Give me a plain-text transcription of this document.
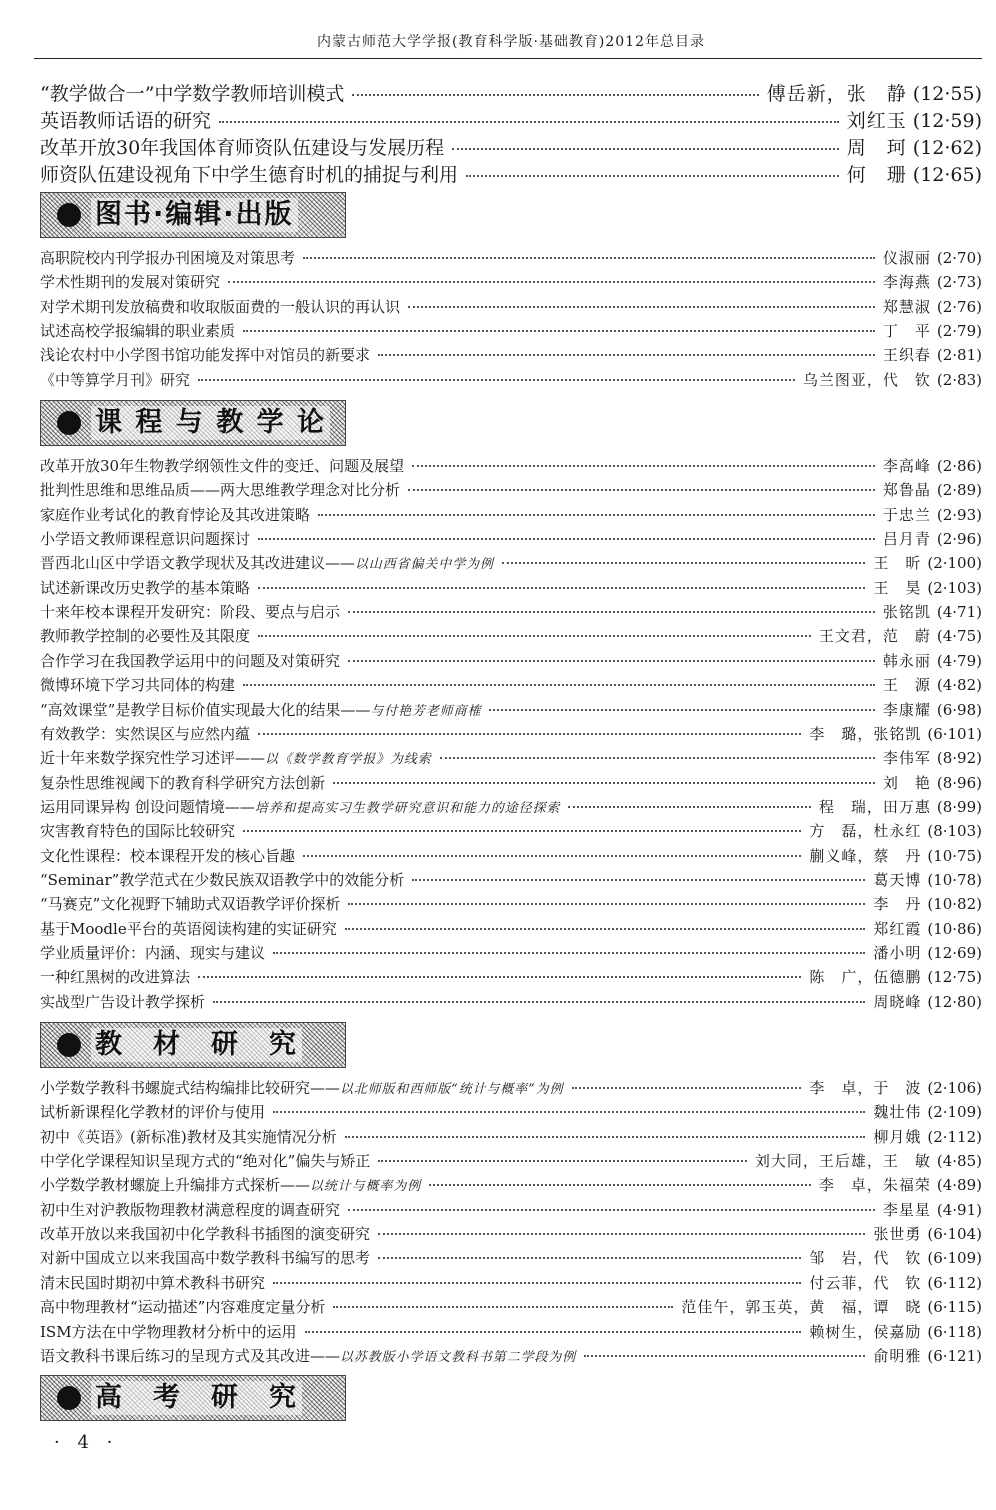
内蒙古师范大学学报(教育科学版·基础教育)2012年总目录
“教学做合一”中学数学教师培训模式	傅岳新，张　静 (12·55)
英语教师话语的研究	刘红玉 (12·59)
改革开放30年我国体育师资队伍建设与发展历程	周　珂 (12·62)
师资队伍建设视角下中学生德育时机的捕捉与利用	何　珊 (12·65)
图书·编辑·出版
高职院校内刊学报办刊困境及对策思考	仪淑丽 (2·70)
学术性期刊的发展对策研究	李海燕 (2·73)
对学术期刊发放稿费和收取版面费的一般认识的再认识	郑慧淑 (2·76)
试述高校学报编辑的职业素质	丁　平 (2·79)
浅论农村中小学图书馆功能发挥中对馆员的新要求	王织春 (2·81)
《中等算学月刊》研究	乌兰图亚，代　钦 (2·83)
课 程 与 教 学 论
改革开放30年生物教学纲领性文件的变迁、问题及展望	李高峰 (2·86)
批判性思维和思维品质——两大思维教学理念对比分析	郑鲁晶 (2·89)
家庭作业考试化的教育悖论及其改进策略	于忠兰 (2·93)
小学语文教师课程意识问题探讨	吕月青 (2·96)
晋西北山区中学语文教学现状及其改进建议——以山西省偏关中学为例	王　昕 (2·100)
试述新课改历史教学的基本策略	王　昊 (2·103)
十来年校本课程开发研究：阶段、要点与启示	张铭凯 (4·71)
教师教学控制的必要性及其限度	王文君，范　蔚 (4·75)
合作学习在我国教学运用中的问题及对策研究	韩永丽 (4·79)
微博环境下学习共同体的构建	王　源 (4·82)
“高效课堂”是教学目标价值实现最大化的结果——与付艳芳老师商榷	李康耀 (6·98)
有效教学：实然误区与应然内蕴	李　璐，张铭凯 (6·101)
近十年来数学探究性学习述评——以《数学教育学报》为线索	李伟军 (8·92)
复杂性思维视阈下的教育科学研究方法创新	刘　艳 (8·96)
运用同课异构 创设问题情境——培养和提高实习生教学研究意识和能力的途径探索	程　瑞，田万惠 (8·99)
灾害教育特色的国际比较研究	方　磊，杜永红 (8·103)
文化性课程：校本课程开发的核心旨趣	蒯义峰，蔡　丹 (10·75)
“Seminar”教学范式在少数民族双语教学中的效能分析	葛天博 (10·78)
“马赛克”文化视野下辅助式双语教学评价探析	李　丹 (10·82)
基于Moodle平台的英语阅读构建的实证研究	郑红霞 (10·86)
学业质量评价：内涵、现实与建议	潘小明 (12·69)
一种红黑树的改进算法	陈　广，伍德鹏 (12·75)
实战型广告设计教学探析	周晓峰 (12·80)
教　材　研　究
小学数学教科书螺旋式结构编排比较研究——以北师版和西师版“统计与概率”为例	李　卓，于　波 (2·106)
试析新课程化学教材的评价与使用	魏壮伟 (2·109)
初中《英语》(新标准)教材及其实施情况分析	柳月娥 (2·112)
中学化学课程知识呈现方式的“绝对化”偏失与矫正	刘大同，王后雄，王　敏 (4·85)
小学数学教材螺旋上升编排方式探析——以统计与概率为例	李　卓，朱福荣 (4·89)
初中生对沪教版物理教材满意程度的调查研究	李星星 (4·91)
改革开放以来我国初中化学教科书插图的演变研究	张世勇 (6·104)
对新中国成立以来我国高中数学教科书编写的思考	邹　岩，代　钦 (6·109)
清末民国时期初中算术教科书研究	付云菲，代　钦 (6·112)
高中物理教材“运动描述”内容难度定量分析	范佳午，郭玉英，黄　福，谭　晓 (6·115)
ISM方法在中学物理教材分析中的运用	赖树生，侯嘉励 (6·118)
语文教科书课后练习的呈现方式及其改进——以苏教版小学语文教科书第二学段为例	俞明雅 (6·121)
高　考　研　究
· 4 ·
